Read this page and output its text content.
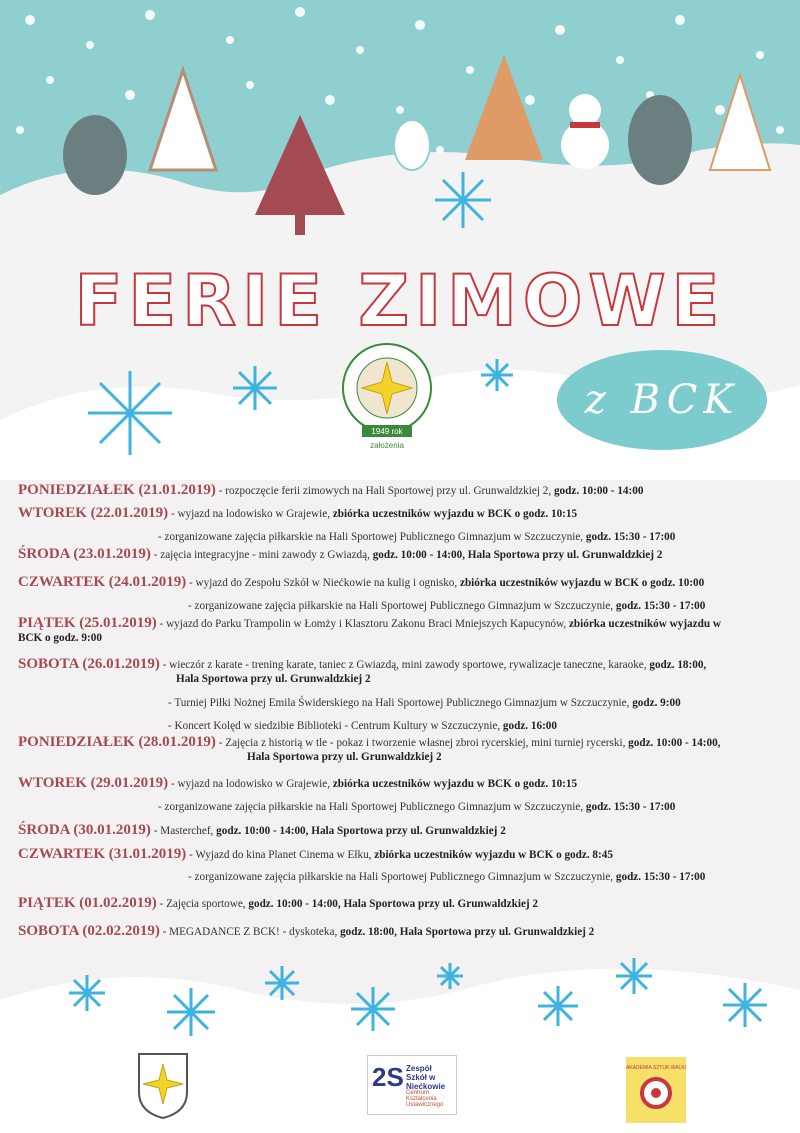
FERIE ZIMOWE
z BCK
1949 rok
założenia
PONIEDZIAŁEK (21.01.2019) - rozpoczęcie ferii zimowych na Hali Sportowej przy ul. Grunwaldzkiej 2, godz. 10:00 - 14:00
WTOREK (22.01.2019) - wyjazd na lodowisko w Grajewie, zbiórka uczestników wyjazdu w BCK o godz. 10:15
- zorganizowane zajęcia piłkarskie na Hali Sportowej Publicznego Gimnazjum w Szczuczynie, godz. 15:30 - 17:00
ŚRODA (23.01.2019) - zajęcia integracyjne - mini zawody z Gwiazdą, godz. 10:00 - 14:00, Hala Sportowa przy ul. Grunwaldzkiej 2
CZWARTEK (24.01.2019) - wyjazd do Zespołu Szkół w Niećkowie na kulig i ognisko, zbiórka uczestników wyjazdu w BCK o godz. 10:00
- zorganizowane zajęcia piłkarskie na Hali Sportowej Publicznego Gimnazjum w Szczuczynie, godz. 15:30 - 17:00
PIĄTEK (25.01.2019) - wyjazd do Parku Trampolin w Łomży i Klasztoru Zakonu Braci Mniejszych Kapucynów, zbiórka uczestników wyjazdu w
BCK o godz. 9:00
SOBOTA (26.01.2019) - wieczór z karate - trening karate, taniec z Gwiazdą, mini zawody sportowe, rywalizacje taneczne, karaoke, godz. 18:00,
Hala Sportowa przy ul. Grunwaldzkiej 2
- Turniej Piłki Nożnej Emila Świderskiego na Hali Sportowej Publicznego Gimnazjum w Szczuczynie, godz. 9:00
- Koncert Kolęd w siedzibie Biblioteki - Centrum Kultury w Szczuczynie, godz. 16:00
PONIEDZIAŁEK (28.01.2019) - Zajęcia z historią w tle - pokaz i tworzenie własnej zbroi rycerskiej, mini turniej rycerski, godz. 10:00 - 14:00,
Hala Sportowa przy ul. Grunwaldzkiej 2
WTOREK (29.01.2019) - wyjazd na lodowisko w Grajewie, zbiórka uczestników wyjazdu w BCK o godz. 10:15
- zorganizowane zajęcia piłkarskie na Hali Sportowej Publicznego Gimnazjum w Szczuczynie, godz. 15:30 - 17:00
ŚRODA (30.01.2019) - Masterchef, godz. 10:00 - 14:00, Hala Sportowa przy ul. Grunwaldzkiej 2
CZWARTEK (31.01.2019) - Wyjazd do kina Planet Cinema w Ełku, zbiórka uczestników wyjazdu w BCK o godz. 8:45
- zorganizowane zajęcia piłkarskie na Hali Sportowej Publicznego Gimnazjum w Szczuczynie, godz. 15:30 - 17:00
PIĄTEK (01.02.2019) - Zajęcia sportowe, godz. 10:00 - 14:00, Hala Sportowa przy ul. Grunwaldzkiej 2
SOBOTA (02.02.2019) - MEGADANCE Z BCK! - dyskoteka, godz. 18:00, Hala Sportowa przy ul. Grunwaldzkiej 2
2S Zespół Szkół w Niećkowie
Centrum Kształcenia Ustawicznego
AKADEMIA SZTUK WALKI
